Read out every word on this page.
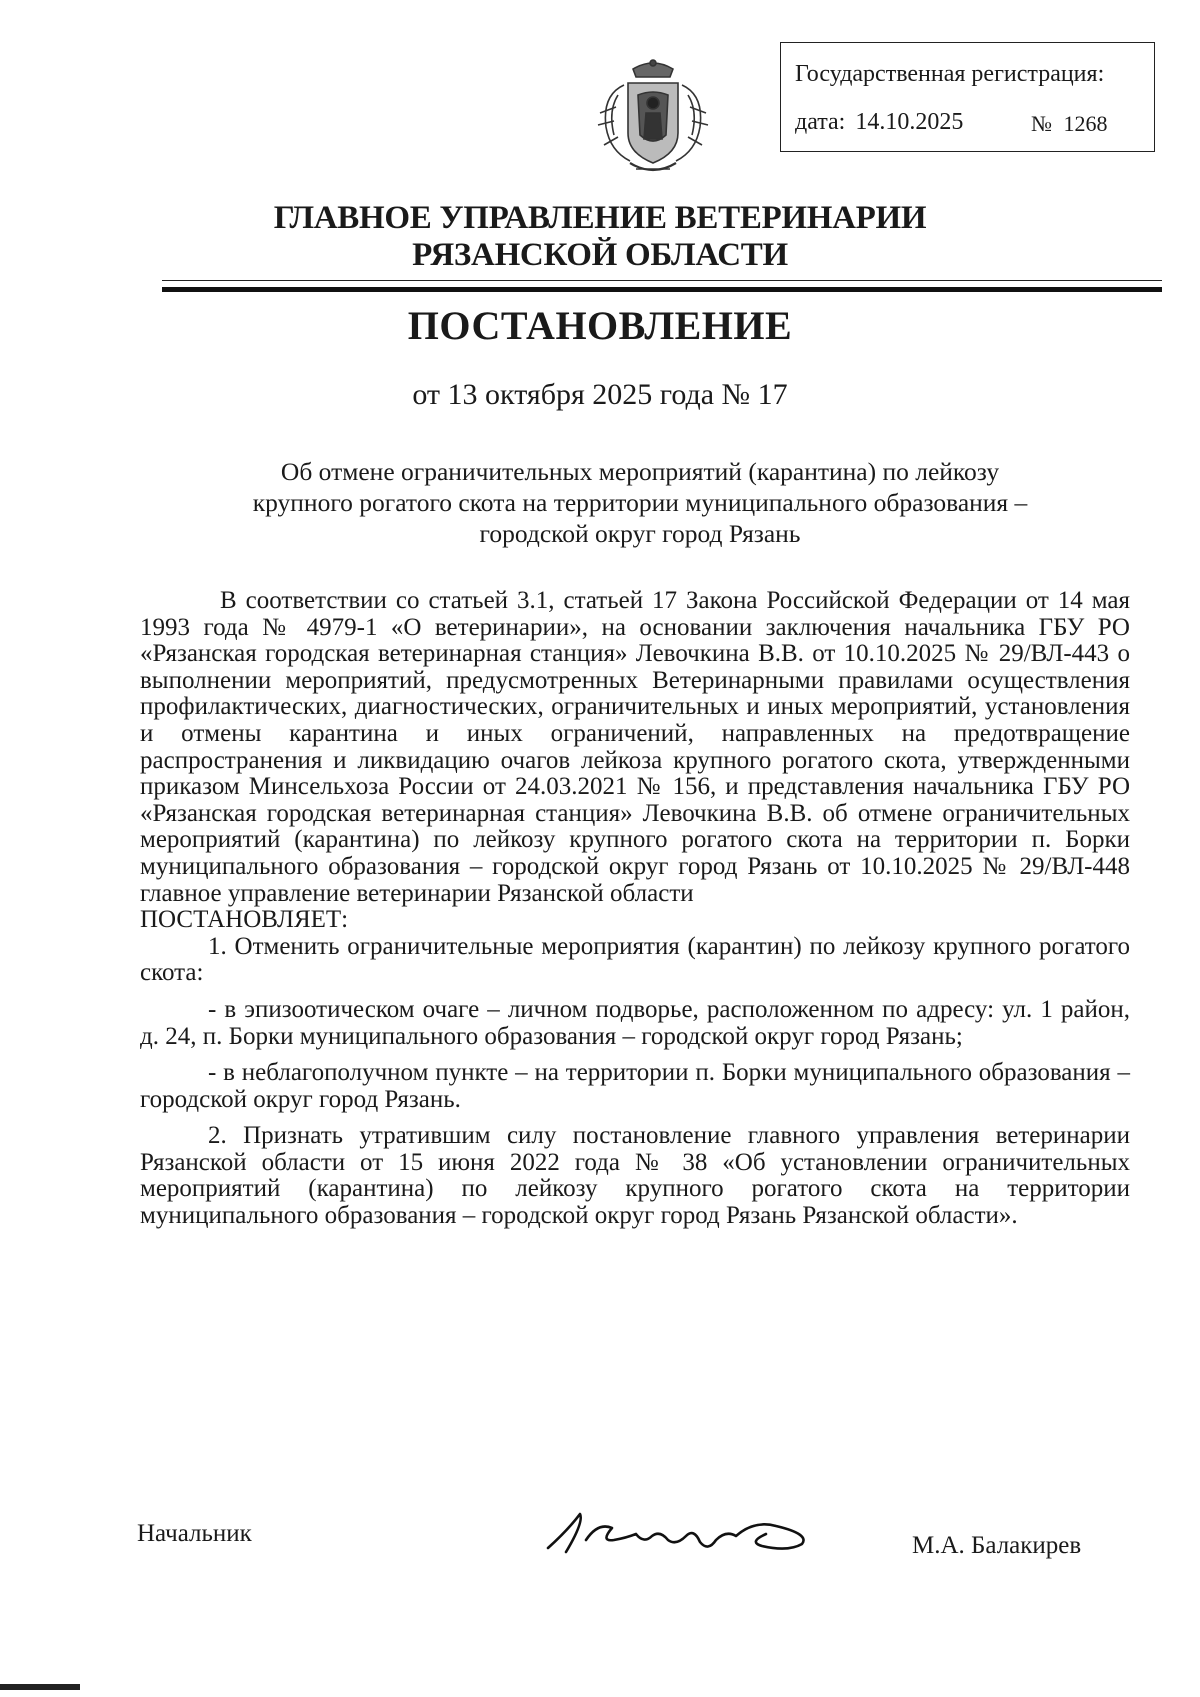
Государственная регистрация:
дата: 14.10.2025	№ 1268
ГЛАВНОЕ УПРАВЛЕНИЕ ВЕТЕРИНАРИИ
РЯЗАНСКОЙ ОБЛАСТИ
ПОСТАНОВЛЕНИЕ
от 13 октября 2025 года № 17
Об отмене ограничительных мероприятий (карантина) по лейкозу
крупного рогатого скота на территории муниципального образования –
городской округ город Рязань

В соответствии со статьей 3.1, статьей 17 Закона Российской Федерации от 14 мая 1993 года № 4979-1 «О ветеринарии», на основании заключения начальника ГБУ РО «Рязанская городская ветеринарная станция» Левочкина В.В. от 10.10.2025 № 29/ВЛ-443 о выполнении мероприятий, предусмотренных Ветеринарными правилами осуществления профилактических, диагностических, ограничительных и иных мероприятий, установления и отмены карантина и иных ограничений, направленных на предотвращение распространения и ликвидацию очагов лейкоза крупного рогатого скота, утвержденными приказом Минсельхоза России от 24.03.2021 № 156, и представления начальника ГБУ РО «Рязанская городская ветеринарная станция» Левочкина В.В. об отмене ограничительных мероприятий (карантина) по лейкозу крупного рогатого скота на территории п. Борки муниципального образования – городской округ город Рязань от 10.10.2025 № 29/ВЛ-448 главное управление ветеринарии Рязанской области

ПОСТАНОВЛЯЕТ:

1. Отменить ограничительные мероприятия (карантин) по лейкозу крупного рогатого скота:

- в эпизоотическом очаге – личном подворье, расположенном по адресу: ул. 1 район, д. 24, п. Борки муниципального образования – городской округ город Рязань;

- в неблагополучном пункте – на территории п. Борки муниципального образования – городской округ город Рязань.

2. Признать утратившим силу постановление главного управления ветеринарии Рязанской области от 15 июня 2022 года № 38 «Об установлении ограничительных мероприятий (карантина) по лейкозу крупного рогатого скота на территории муниципального образования – городской округ город Рязань Рязанской области».

Начальник	М.А. Балакирев
